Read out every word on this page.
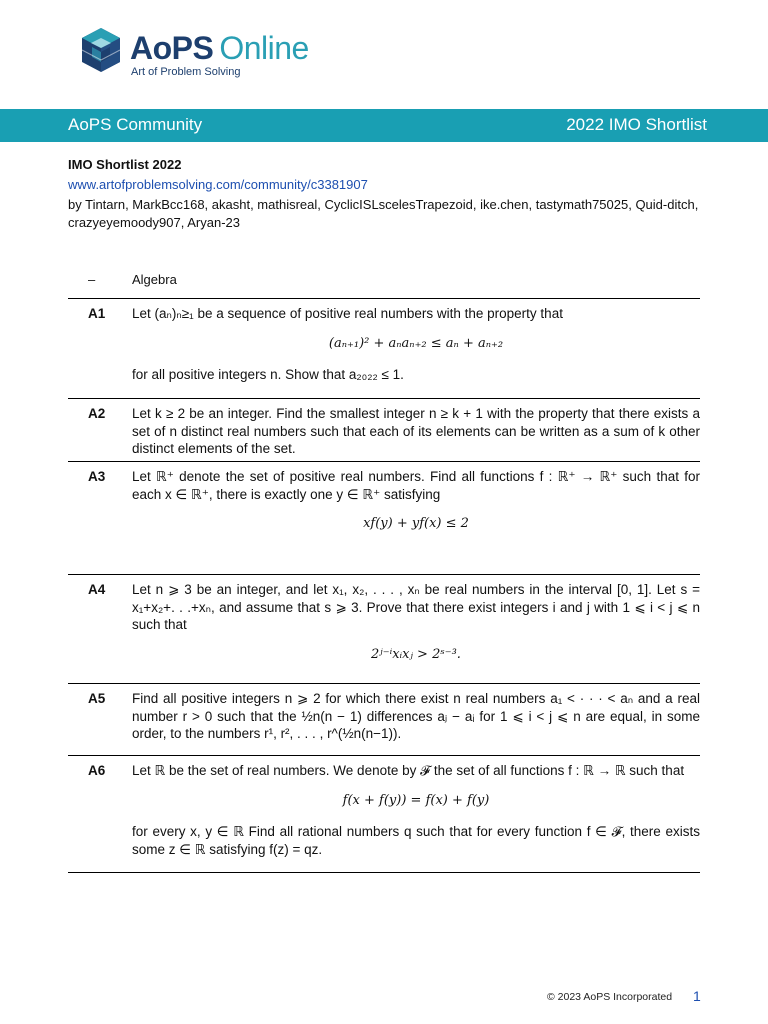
AoPS Online
Art of Problem Solving
AoPS Community	2022 IMO Shortlist
IMO Shortlist 2022
www.artofproblemsolving.com/community/c3381907
by Tintarn, MarkBcc168, akasht, mathisreal, CyclicISLscelesTrapezoid, ike.chen, tastymath75025, Quid-ditch, crazyeyemoody907, Aryan-23
–	Algebra
A1 Let (aₙ)ₙ≥₁ be a sequence of positive real numbers with the property that
(aₙ₊₁)² + aₙaₙ₊₂ ≤ aₙ + aₙ₊₂
for all positive integers n. Show that a₂₀₂₂ ≤ 1.
A2 Let k ≥ 2 be an integer. Find the smallest integer n ≥ k + 1 with the property that there exists a set of n distinct real numbers such that each of its elements can be written as a sum of k other distinct elements of the set.
A3 Let ℝ⁺ denote the set of positive real numbers. Find all functions f : ℝ⁺ → ℝ⁺ such that for each x ∈ ℝ⁺, there is exactly one y ∈ ℝ⁺ satisfying
xf(y) + yf(x) ≤ 2
A4 Let n ⩾ 3 be an integer, and let x₁, x₂, . . . , xₙ be real numbers in the interval [0, 1]. Let s = x₁+x₂+. . .+xₙ, and assume that s ⩾ 3. Prove that there exist integers i and j with 1 ⩽ i < j ⩽ n such that
2ʲ⁻ⁱxᵢxⱼ > 2ˢ⁻³.
A5 Find all positive integers n ⩾ 2 for which there exist n real numbers a₁ < · · · < aₙ and a real number r > 0 such that the ½n(n − 1) differences aⱼ − aᵢ for 1 ⩽ i < j ⩽ n are equal, in some order, to the numbers r¹, r², . . . , r^(½n(n−1)).
A6 Let ℝ be the set of real numbers. We denote by 𝓕 the set of all functions f : ℝ → ℝ such that
f(x + f(y)) = f(x) + f(y)
for every x, y ∈ ℝ Find all rational numbers q such that for every function f ∈ 𝓕, there exists some z ∈ ℝ satisfying f(z) = qz.
© 2023 AoPS Incorporated 1
